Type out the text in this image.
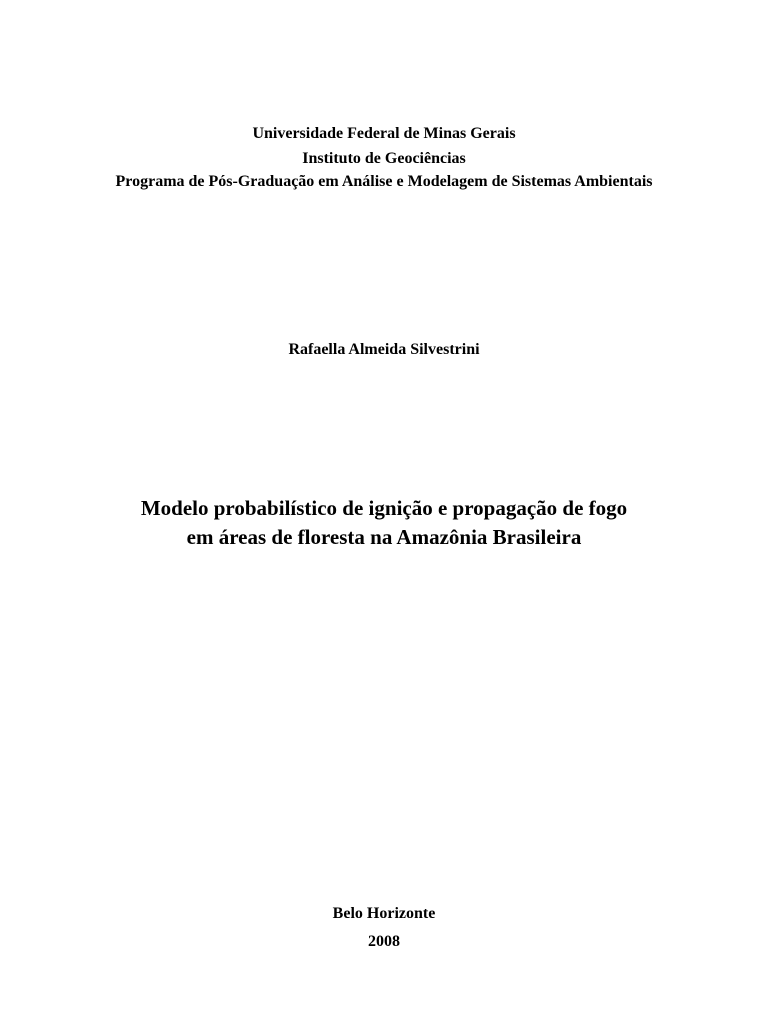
Universidade Federal de Minas Gerais
Instituto de Geociências
Programa de Pós-Graduação em Análise e Modelagem de Sistemas Ambientais
Rafaella Almeida Silvestrini
Modelo probabilístico de ignição e propagação de fogo
em áreas de floresta na Amazônia Brasileira
Belo Horizonte
2008
